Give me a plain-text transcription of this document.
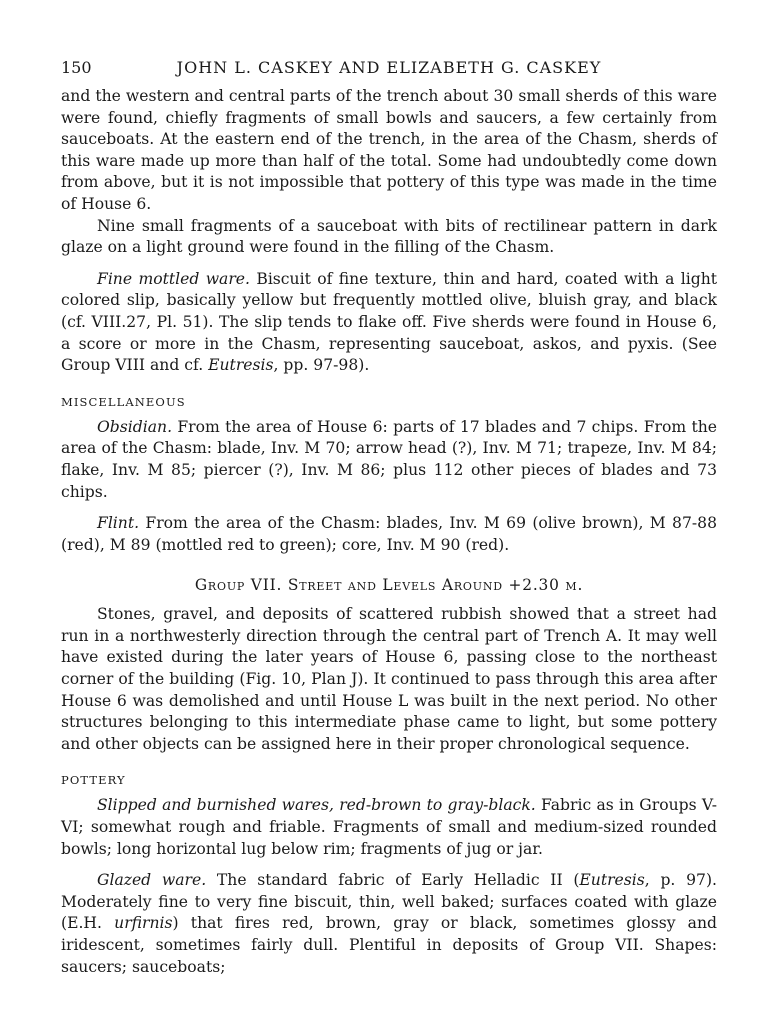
150	JOHN L. CASKEY AND ELIZABETH G. CASKEY

and the western and central parts of the trench about 30 small sherds of this ware were found, chiefly fragments of small bowls and saucers, a few certainly from sauceboats. At the eastern end of the trench, in the area of the Chasm, sherds of this ware made up more than half of the total. Some had undoubtedly come down from above, but it is not impossible that pottery of this type was made in the time of House 6.

Nine small fragments of a sauceboat with bits of rectilinear pattern in dark glaze on a light ground were found in the filling of the Chasm.

Fine mottled ware. Biscuit of fine texture, thin and hard, coated with a light colored slip, basically yellow but frequently mottled olive, bluish gray, and black (cf. VIII.27, Pl. 51). The slip tends to flake off. Five sherds were found in House 6, a score or more in the Chasm, representing sauceboat, askos, and pyxis. (See Group VIII and cf. Eutresis, pp. 97-98).

MISCELLANEOUS

Obsidian. From the area of House 6: parts of 17 blades and 7 chips. From the area of the Chasm: blade, Inv. M 70; arrow head (?), Inv. M 71; trapeze, Inv. M 84; flake, Inv. M 85; piercer (?), Inv. M 86; plus 112 other pieces of blades and 73 chips.

Flint. From the area of the Chasm: blades, Inv. M 69 (olive brown), M 87-88 (red), M 89 (mottled red to green); core, Inv. M 90 (red).

Group VII. Street and Levels Around +2.30 m.

Stones, gravel, and deposits of scattered rubbish showed that a street had run in a northwesterly direction through the central part of Trench A. It may well have existed during the later years of House 6, passing close to the northeast corner of the building (Fig. 10, Plan J). It continued to pass through this area after House 6 was demolished and until House L was built in the next period. No other structures belonging to this intermediate phase came to light, but some pottery and other objects can be assigned here in their proper chronological sequence.

POTTERY

Slipped and burnished wares, red-brown to gray-black. Fabric as in Groups V-VI; somewhat rough and friable. Fragments of small and medium-sized rounded bowls; long horizontal lug below rim; fragments of jug or jar.

Glazed ware. The standard fabric of Early Helladic II (Eutresis, p. 97). Moderately fine to very fine biscuit, thin, well baked; surfaces coated with glaze (E.H. urfirnis) that fires red, brown, gray or black, sometimes glossy and iridescent, sometimes fairly dull. Plentiful in deposits of Group VII. Shapes: saucers; sauceboats;
